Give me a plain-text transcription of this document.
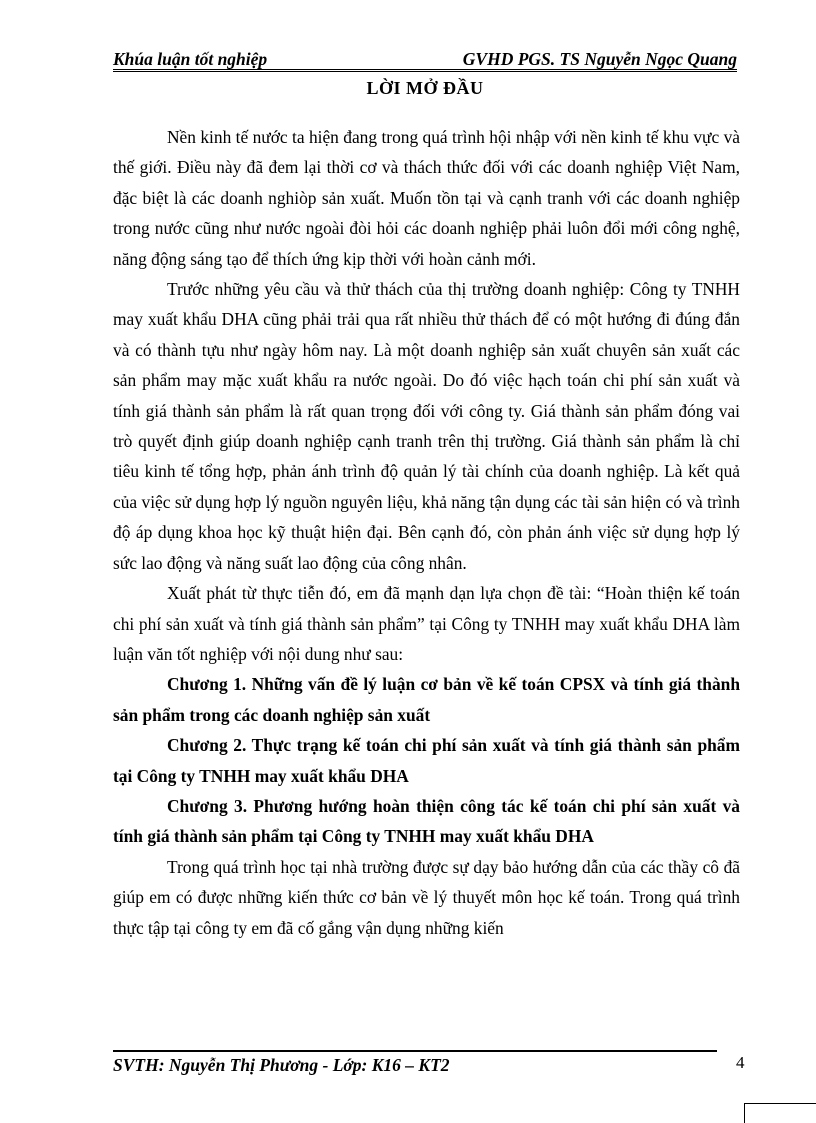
Khúa luận tốt nghiệp	GVHD PGS. TS Nguyễn Ngọc Quang
LỜI MỞ ĐẦU

Nền kinh tế nước ta hiện đang trong quá trình hội nhập với nền kinh tế khu vực và thế giới. Điều này đã đem lại thời cơ và thách thức đối với các doanh nghiệp Việt Nam, đặc biệt là các doanh nghiòp sản xuất. Muốn tồn tại và cạnh tranh với các doanh nghiệp trong nước cũng như nước ngoài đòi hỏi các doanh nghiệp phải luôn đổi mới công nghệ, năng động sáng tạo để thích ứng kịp thời với hoàn cảnh mới.

Trước những yêu cầu và thử thách của thị trường doanh nghiệp: Công ty TNHH may xuất khẩu DHA cũng phải trải qua rất nhiều thử thách để có một hướng đi đúng đắn và có thành tựu như ngày hôm nay. Là một doanh nghiệp sản xuất chuyên sản xuất các sản phẩm may mặc xuất khẩu ra nước ngoài. Do đó việc hạch toán chi phí sản xuất và tính giá thành sản phẩm là rất quan trọng đối với công ty. Giá thành sản phẩm đóng vai trò quyết định giúp doanh nghiệp cạnh tranh trên thị trường. Giá thành sản phẩm là chỉ tiêu kinh tế tổng hợp, phản ánh trình độ quản lý tài chính của doanh nghiệp. Là kết quả của việc sử dụng hợp lý nguồn nguyên liệu, khả năng tận dụng các tài sản hiện có và trình độ áp dụng khoa học kỹ thuật hiện đại. Bên cạnh đó, còn phản ánh việc sử dụng hợp lý sức lao động và năng suất lao động của công nhân.

Xuất phát từ thực tiễn đó, em đã mạnh dạn lựa chọn đề tài: “Hoàn thiện kế toán chi phí sản xuất và tính giá thành sản phẩm” tại Công ty TNHH may xuất khẩu DHA làm luận văn tốt nghiệp với nội dung như sau:

Chương 1. Những vấn đề lý luận cơ bản về kế toán CPSX và tính giá thành sản phẩm trong các doanh nghiệp sản xuất

Chương 2. Thực trạng kế toán chi phí sản xuất và tính giá thành sản phẩm tại Công ty TNHH may xuất khẩu DHA

Chương 3. Phương hướng hoàn thiện công tác kế toán chi phí sản xuất và tính giá thành sản phẩm tại Công ty TNHH may xuất khẩu DHA

Trong quá trình học tại nhà trường được sự dạy bảo hướng dẫn của các thầy cô đã giúp em có được những kiến thức cơ bản về lý thuyết môn học kế toán. Trong quá trình thực tập tại công ty em đã cố gắng vận dụng những kiến

SVTH: Nguyễn Thị Phương - Lớp: K16 – KT2	4
